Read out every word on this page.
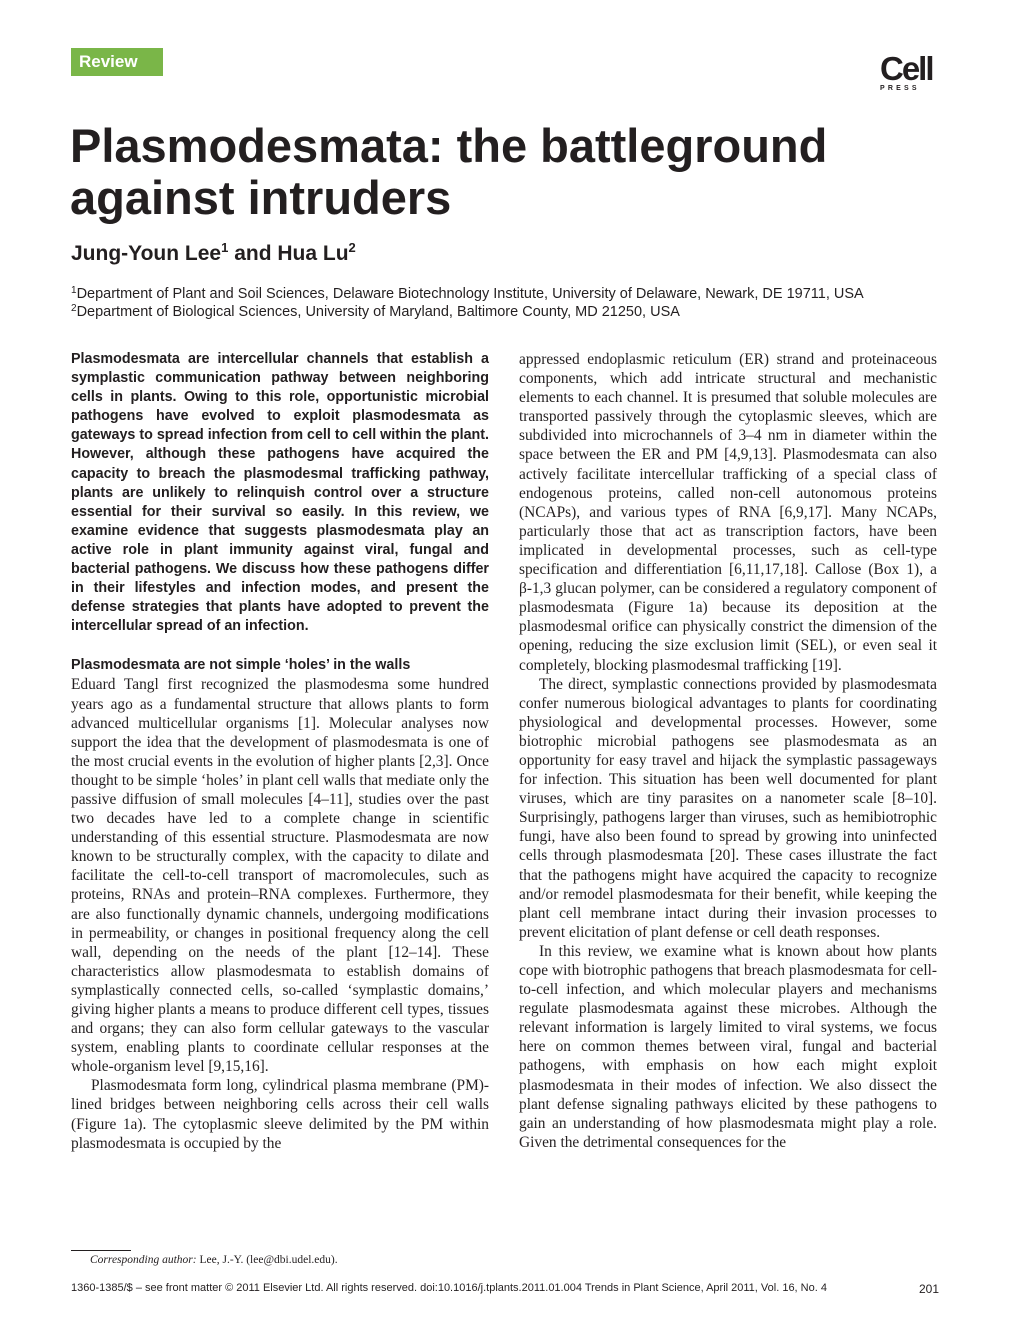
Review	Cell
PRESS
Plasmodesmata: the battleground against intruders

Jung-Youn Lee$^1$ and Hua Lu$^2$

$^1$Department of Plant and Soil Sciences, Delaware Biotechnology Institute, University of Delaware, Newark, DE 19711, USA

$^2$Department of Biological Sciences, University of Maryland, Baltimore County, MD 21250, USA

Plasmodesmata are intercellular channels that establish a symplastic communication pathway between neighboring cells in plants. Owing to this role, opportunistic microbial pathogens have evolved to exploit plasmodesmata as gateways to spread infection from cell to cell within the plant. However, although these pathogens have acquired the capacity to breach the plasmodesmal trafficking pathway, plants are unlikely to relinquish control over a structure essential for their survival so easily. In this review, we examine evidence that suggests plasmodesmata play an active role in plant immunity against viral, fungal and bacterial pathogens. We discuss how these pathogens differ in their lifestyles and infection modes, and present the defense strategies that plants have adopted to prevent the intercellular spread of an infection.

Plasmodesmata are not simple ‘holes’ in the walls

Eduard Tangl first recognized the plasmodesma some hundred years ago as a fundamental structure that allows plants to form advanced multicellular organisms [1]. Molecular analyses now support the idea that the development of plasmodesmata is one of the most crucial events in the evolution of higher plants [2,3]. Once thought to be simple ‘holes’ in plant cell walls that mediate only the passive diffusion of small molecules [4–11], studies over the past two decades have led to a complete change in scientific understanding of this essential structure. Plasmodesmata are now known to be structurally complex, with the capacity to dilate and facilitate the cell-to-cell transport of macromolecules, such as proteins, RNAs and protein–RNA complexes. Furthermore, they are also functionally dynamic channels, undergoing modifications in permeability, or changes in positional frequency along the cell wall, depending on the needs of the plant [12–14]. These characteristics allow plasmodesmata to establish domains of symplastically connected cells, so-called ‘symplastic domains,’ giving higher plants a means to produce different cell types, tissues and organs; they can also form cellular gateways to the vascular system, enabling plants to coordinate cellular responses at the whole-organism level [9,15,16].

Plasmodesmata form long, cylindrical plasma membrane (PM)-lined bridges between neighboring cells across their cell walls (Figure 1a). The cytoplasmic sleeve delimited by the PM within plasmodesmata is occupied by the

appressed endoplasmic reticulum (ER) strand and proteinaceous components, which add intricate structural and mechanistic elements to each channel. It is presumed that soluble molecules are transported passively through the cytoplasmic sleeves, which are subdivided into microchannels of 3–4 nm in diameter within the space between the ER and PM [4,9,13]. Plasmodesmata can also actively facilitate intercellular trafficking of a special class of endogenous proteins, called non-cell autonomous proteins (NCAPs), and various types of RNA [6,9,17]. Many NCAPs, particularly those that act as transcription factors, have been implicated in developmental processes, such as cell-type specification and differentiation [6,11,17,18]. Callose (Box 1), a β-1,3 glucan polymer, can be considered a regulatory component of plasmodesmata (Figure 1a) because its deposition at the plasmodesmal orifice can physically constrict the dimension of the opening, reducing the size exclusion limit (SEL), or even seal it completely, blocking plasmodesmal trafficking [19].

The direct, symplastic connections provided by plasmodesmata confer numerous biological advantages to plants for coordinating physiological and developmental processes. However, some biotrophic microbial pathogens see plasmodesmata as an opportunity for easy travel and hijack the symplastic passageways for infection. This situation has been well documented for plant viruses, which are tiny parasites on a nanometer scale [8–10]. Surprisingly, pathogens larger than viruses, such as hemibiotrophic fungi, have also been found to spread by growing into uninfected cells through plasmodesmata [20]. These cases illustrate the fact that the pathogens might have acquired the capacity to recognize and/or remodel plasmodesmata for their benefit, while keeping the plant cell membrane intact during their invasion processes to prevent elicitation of plant defense or cell death responses.

In this review, we examine what is known about how plants cope with biotrophic pathogens that breach plasmodesmata for cell-to-cell infection, and which molecular players and mechanisms regulate plasmodesmata against these microbes. Although the relevant information is largely limited to viral systems, we focus here on common themes between viral, fungal and bacterial pathogens, with emphasis on how each might exploit plasmodesmata in their modes of infection. We also dissect the plant defense signaling pathways elicited by these pathogens to gain an understanding of how plasmodesmata might play a role. Given the detrimental consequences for the

Corresponding author: Lee, J.-Y. (lee@dbi.udel.edu).
1360-1385/$ – see front matter © 2011 Elsevier Ltd. All rights reserved. doi:10.1016/j.tplants.2011.01.004 Trends in Plant Science, April 2011, Vol. 16, No. 4	201
